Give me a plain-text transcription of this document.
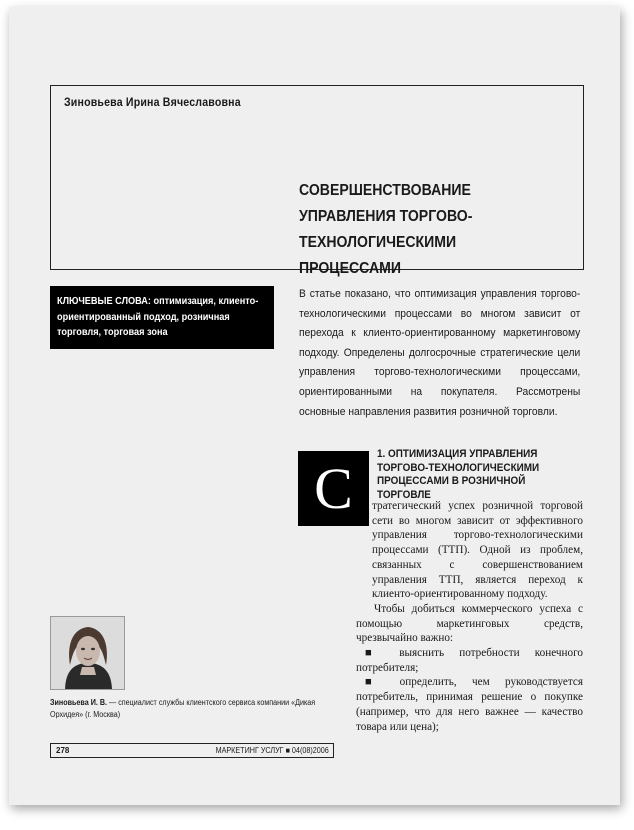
Зиновьева Ирина Вячеславовна
СОВЕРШЕНСТВОВАНИЕ УПРАВЛЕНИЯ ТОРГОВО-ТЕХНОЛОГИЧЕСКИМИ ПРОЦЕССАМИ
КЛЮЧЕВЫЕ СЛОВА: оптимизация, клиенто-ориентированный подход, розничная торговля, торговая зона
В статье показано, что оптимизация управления торгово-технологическими процессами во многом зависит от перехода к клиенто-ориентированному маркетинговому подходу. Определены долгосрочные стратегические цели управления торгово-технологическими процессами, ориентированными на покупателя. Рассмотрены основные направления развития розничной торговли.
С
1. ОПТИМИЗАЦИЯ УПРАВЛЕНИЯ ТОРГОВО-ТЕХНОЛОГИЧЕСКИМИ ПРОЦЕССАМИ В РОЗНИЧНОЙ ТОРГОВЛЕ

тратегический успех розничной торговой сети во многом зависит от эффективного управления торгово-технологическими процессами (ТТП). Одной из проблем, связанных с совершенствованием управления ТТП, является переход к клиенто-ориентированному подходу.

Чтобы добиться коммерческого успеха с помощью маркетинговых средств, чрезвычайно важно:

■ выяснить потребности конечного потребителя;

■ определить, чем руководствуется потребитель, принимая решение о покупке (например, что для него важнее — качество товара или цена);

Зиновьева И. В. — специалист службы клиентского сервиса компании «Дикая Орхидея» (г. Москва)
278	МАРКЕТИНГ УСЛУГ ■ 04(08)2006
